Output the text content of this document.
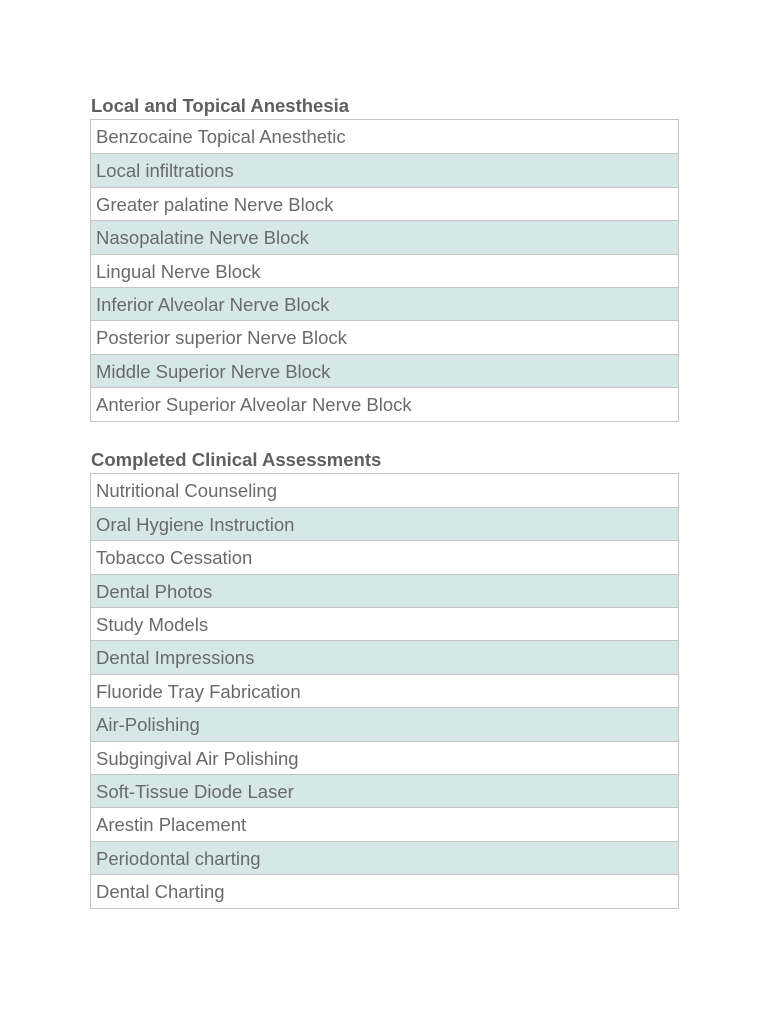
Local and Topical Anesthesia
Benzocaine Topical Anesthetic
Local infiltrations
Greater palatine Nerve Block
Nasopalatine Nerve Block
Lingual Nerve Block
Inferior Alveolar Nerve Block
Posterior superior Nerve Block
Middle Superior Nerve Block
Anterior Superior Alveolar Nerve Block
Completed Clinical Assessments
Nutritional Counseling
Oral Hygiene Instruction
Tobacco Cessation
Dental Photos
Study Models
Dental Impressions
Fluoride Tray Fabrication
Air-Polishing
Subgingival Air Polishing
Soft-Tissue Diode Laser
Arestin Placement
Periodontal charting
Dental Charting
